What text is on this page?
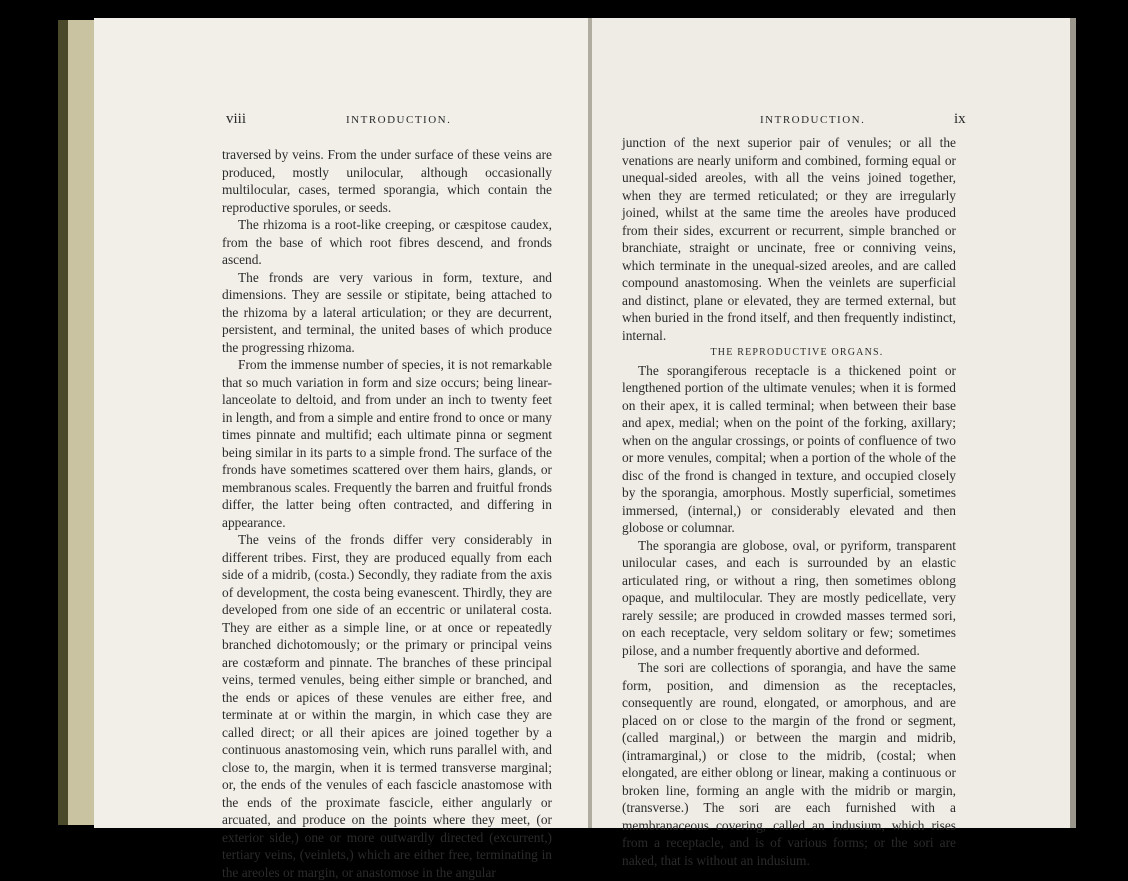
viii	INTRODUCTION.

traversed by veins. From the under surface of these veins are produced, mostly unilocular, although occasionally multilocular, cases, termed sporangia, which contain the reproductive sporules, or seeds.

The rhizoma is a root-like creeping, or cæspitose caudex, from the base of which root fibres descend, and fronds ascend.

The fronds are very various in form, texture, and dimensions. They are sessile or stipitate, being attached to the rhizoma by a lateral articulation; or they are decurrent, persistent, and terminal, the united bases of which produce the progressing rhizoma.

From the immense number of species, it is not remarkable that so much variation in form and size occurs; being linear-lanceolate to deltoid, and from under an inch to twenty feet in length, and from a simple and entire frond to once or many times pinnate and multifid; each ultimate pinna or segment being similar in its parts to a simple frond. The surface of the fronds have sometimes scattered over them hairs, glands, or membranous scales. Frequently the barren and fruitful fronds differ, the latter being often contracted, and differing in appearance.

The veins of the fronds differ very considerably in different tribes. First, they are produced equally from each side of a midrib, (costa.) Secondly, they radiate from the axis of development, the costa being evanescent. Thirdly, they are developed from one side of an eccentric or unilateral costa. They are either as a simple line, or at once or repeatedly branched dichotomously; or the primary or principal veins are costæform and pinnate. The branches of these principal veins, termed venules, being either simple or branched, and the ends or apices of these venules are either free, and terminate at or within the margin, in which case they are called direct; or all their apices are joined together by a continuous anastomosing vein, which runs parallel with, and close to, the margin, when it is termed transverse marginal; or, the ends of the venules of each fascicle anastomose with the ends of the proximate fascicle, either angularly or arcuated, and produce on the points where they meet, (or exterior side,) one or more outwardly directed (excurrent,) tertiary veins, (veinlets,) which are either free, terminating in the areoles or margin, or anastomose in the angular

INTRODUCTION.	ix

junction of the next superior pair of venules; or all the venations are nearly uniform and combined, forming equal or unequal-sided areoles, with all the veins joined together, when they are termed reticulated; or they are irregularly joined, whilst at the same time the areoles have produced from their sides, excurrent or recurrent, simple branched or branchiate, straight or uncinate, free or conniving veins, which terminate in the unequal-sized areoles, and are called compound anastomosing. When the veinlets are superficial and distinct, plane or elevated, they are termed external, but when buried in the frond itself, and then frequently indistinct, internal.

THE REPRODUCTIVE ORGANS.

The sporangiferous receptacle is a thickened point or lengthened portion of the ultimate venules; when it is formed on their apex, it is called terminal; when between their base and apex, medial; when on the point of the forking, axillary; when on the angular crossings, or points of confluence of two or more venules, compital; when a portion of the whole of the disc of the frond is changed in texture, and occupied closely by the sporangia, amorphous. Mostly superficial, sometimes immersed, (internal,) or considerably elevated and then globose or columnar.

The sporangia are globose, oval, or pyriform, transparent unilocular cases, and each is surrounded by an elastic articulated ring, or without a ring, then sometimes oblong opaque, and multilocular. They are mostly pedicellate, very rarely sessile; are produced in crowded masses termed sori, on each receptacle, very seldom solitary or few; sometimes pilose, and a number frequently abortive and deformed.

The sori are collections of sporangia, and have the same form, position, and dimension as the receptacles, consequently are round, elongated, or amorphous, and are placed on or close to the margin of the frond or segment, (called marginal,) or between the margin and midrib, (intramarginal,) or close to the midrib, (costal; when elongated, are either oblong or linear, making a continuous or broken line, forming an angle with the midrib or margin, (transverse.) The sori are each furnished with a membranaceous covering, called an indusium, which rises from a receptacle, and is of various forms; or the sori are naked, that is without an indusium.
